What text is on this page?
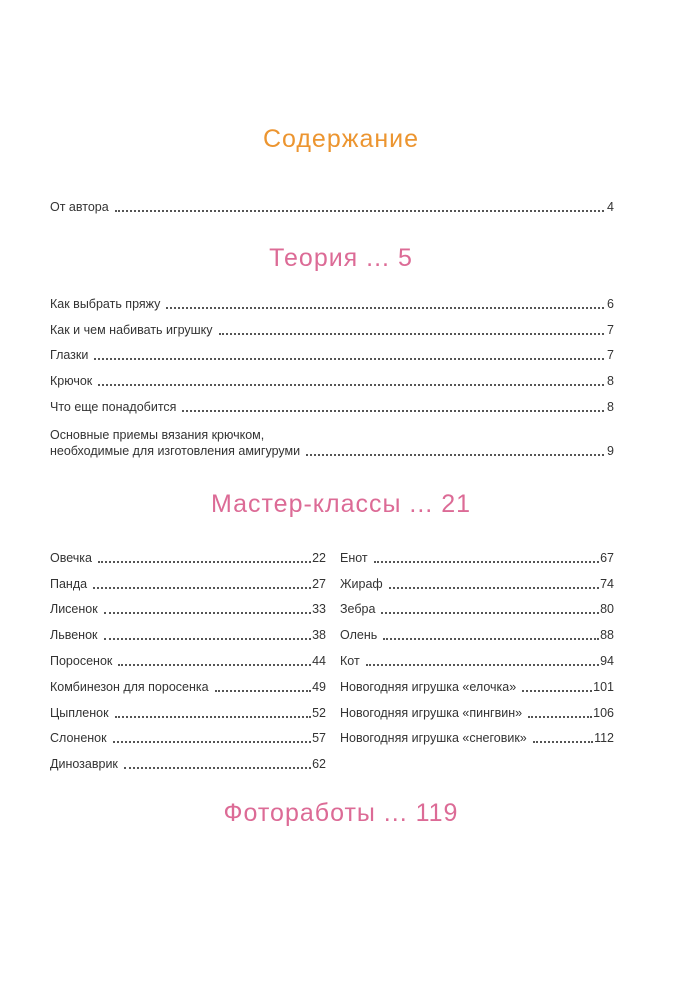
Содержание
От автора	4
Теория ... 5
Как выбрать пряжу	6
Как и чем набивать игрушку	7
Глазки	7
Крючок	8
Что еще понадобится	8
Основные приемы вязания крючком,
необходимые для изготовления амигуруми	9
Мастер-классы ... 21
Овечка	22
Панда	27
Лисенок	33
Львенок	38
Поросенок	44
Комбинезон для поросенка	49
Цыпленок	52
Слоненок	57
Динозаврик	62
Енот	67
Жираф	74
Зебра	80
Олень	88
Кот	94
Новогодняя игрушка «елочка»	101
Новогодняя игрушка «пингвин»	106
Новогодняя игрушка «снеговик»	112
Фотоработы ... 119
